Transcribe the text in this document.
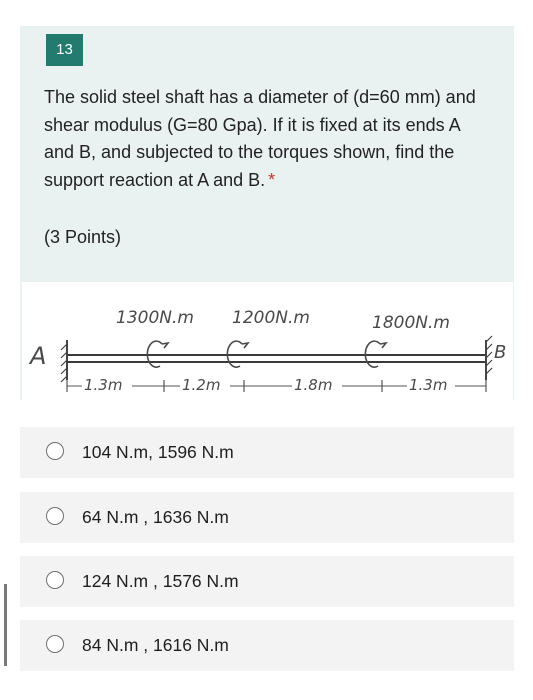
13
The solid steel shaft has a diameter of (d=60 mm) and shear modulus (G=80 Gpa). If it is fixed at its ends A and B, and subjected to the torques shown, find the support reaction at A and B. *
(3 Points)
1300N.m 1200N.m	1800N.m
A	B
1.3m	1.2m	1.8m	1.3m
104 N.m, 1596 N.m
64 N.m , 1636 N.m
124 N.m , 1576 N.m
84 N.m , 1616 N.m
